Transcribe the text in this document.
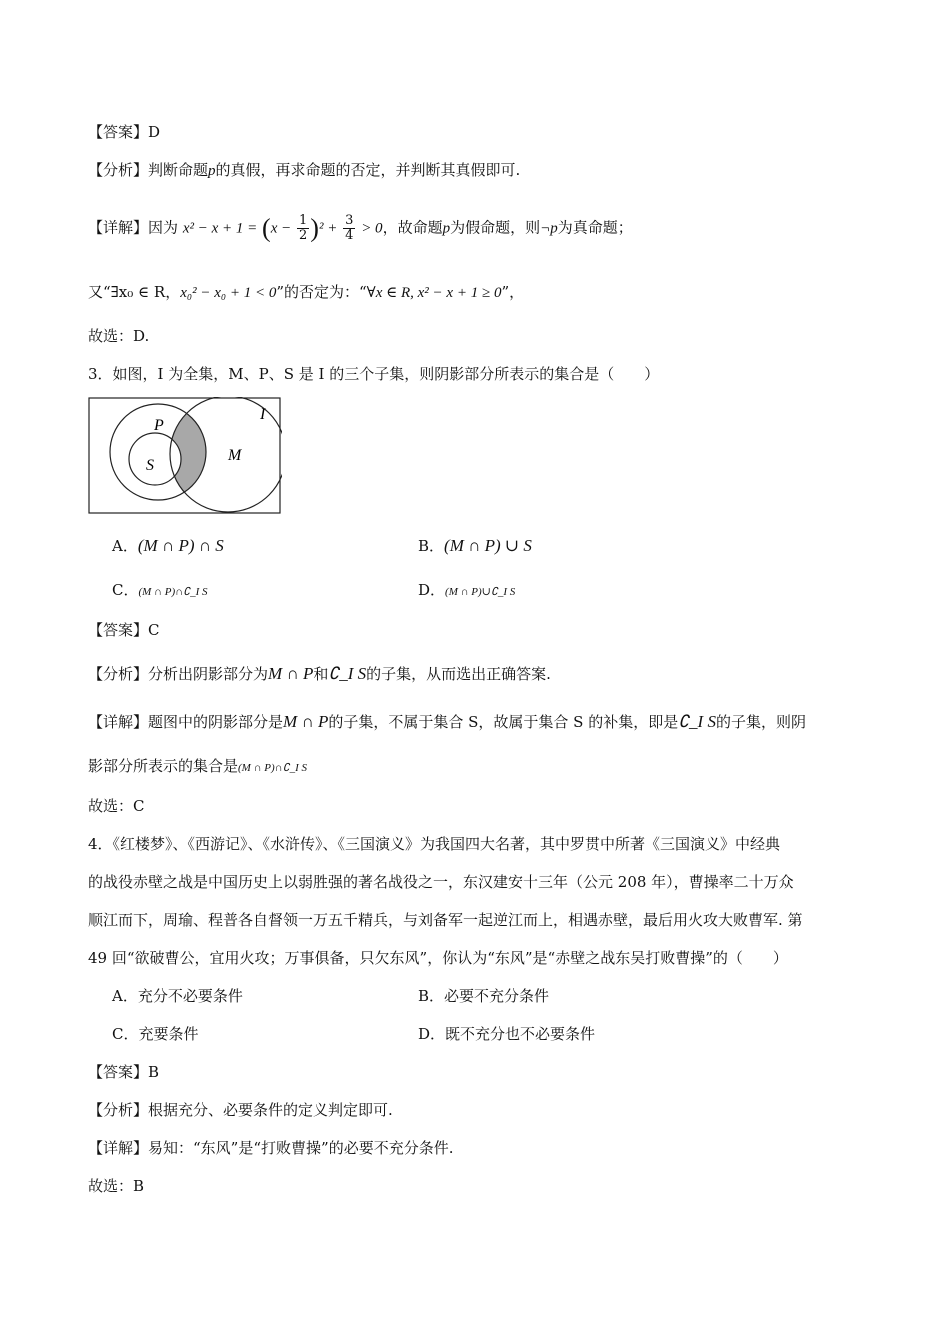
【答案】D
【分析】判断命题p的真假，再求命题的否定，并判断其真假即可.
【详解】因为 $x^2 - x + 1 = (x - \frac{1}{2} )^2 + \frac{3}{4} > 0$，故命题p为假命题，则¬p为真命题；
又“∃x₀ ∈ R，x₀² − x₀ + 1 < 0”的否定为：“∀x ∈ R, x² − x + 1 ≥ 0”，
故选：D.
3．如图，I 为全集，M、P、S 是 I 的三个子集，则阴影部分所表示的集合是（　　）
I
P
S
M
A．(M ∩ P) ∩ S	B．(M ∩ P) ∪ S
C．(M ∩ P)∩∁_I S	D．(M ∩ P)∪∁_I S
【答案】C
【分析】分析出阴影部分为M ∩ P和∁_I S的子集，从而选出正确答案.
【详解】题图中的阴影部分是M ∩ P的子集，不属于集合 S，故属于集合 S 的补集，即是∁_I S的子集，则阴
影部分所表示的集合是(M ∩ P)∩∁_I S
故选：C
4．《红楼梦》、《西游记》、《水浒传》、《三国演义》为我国四大名著，其中罗贯中所著《三国演义》中经典
的战役赤壁之战是中国历史上以弱胜强的著名战役之一，东汉建安十三年（公元 208 年），曹操率二十万众
顺江而下，周瑜、程普各自督领一万五千精兵，与刘备军一起逆江而上，相遇赤壁，最后用火攻大败曹军. 第
49 回“欲破曹公，宜用火攻；万事俱备，只欠东风”，你认为“东风”是“赤壁之战东吴打败曹操”的（　　）
A．充分不必要条件	B．必要不充分条件
C．充要条件	D．既不充分也不必要条件
【答案】B
【分析】根据充分、必要条件的定义判定即可.
【详解】易知：“东风”是“打败曹操”的必要不充分条件.
故选：B
